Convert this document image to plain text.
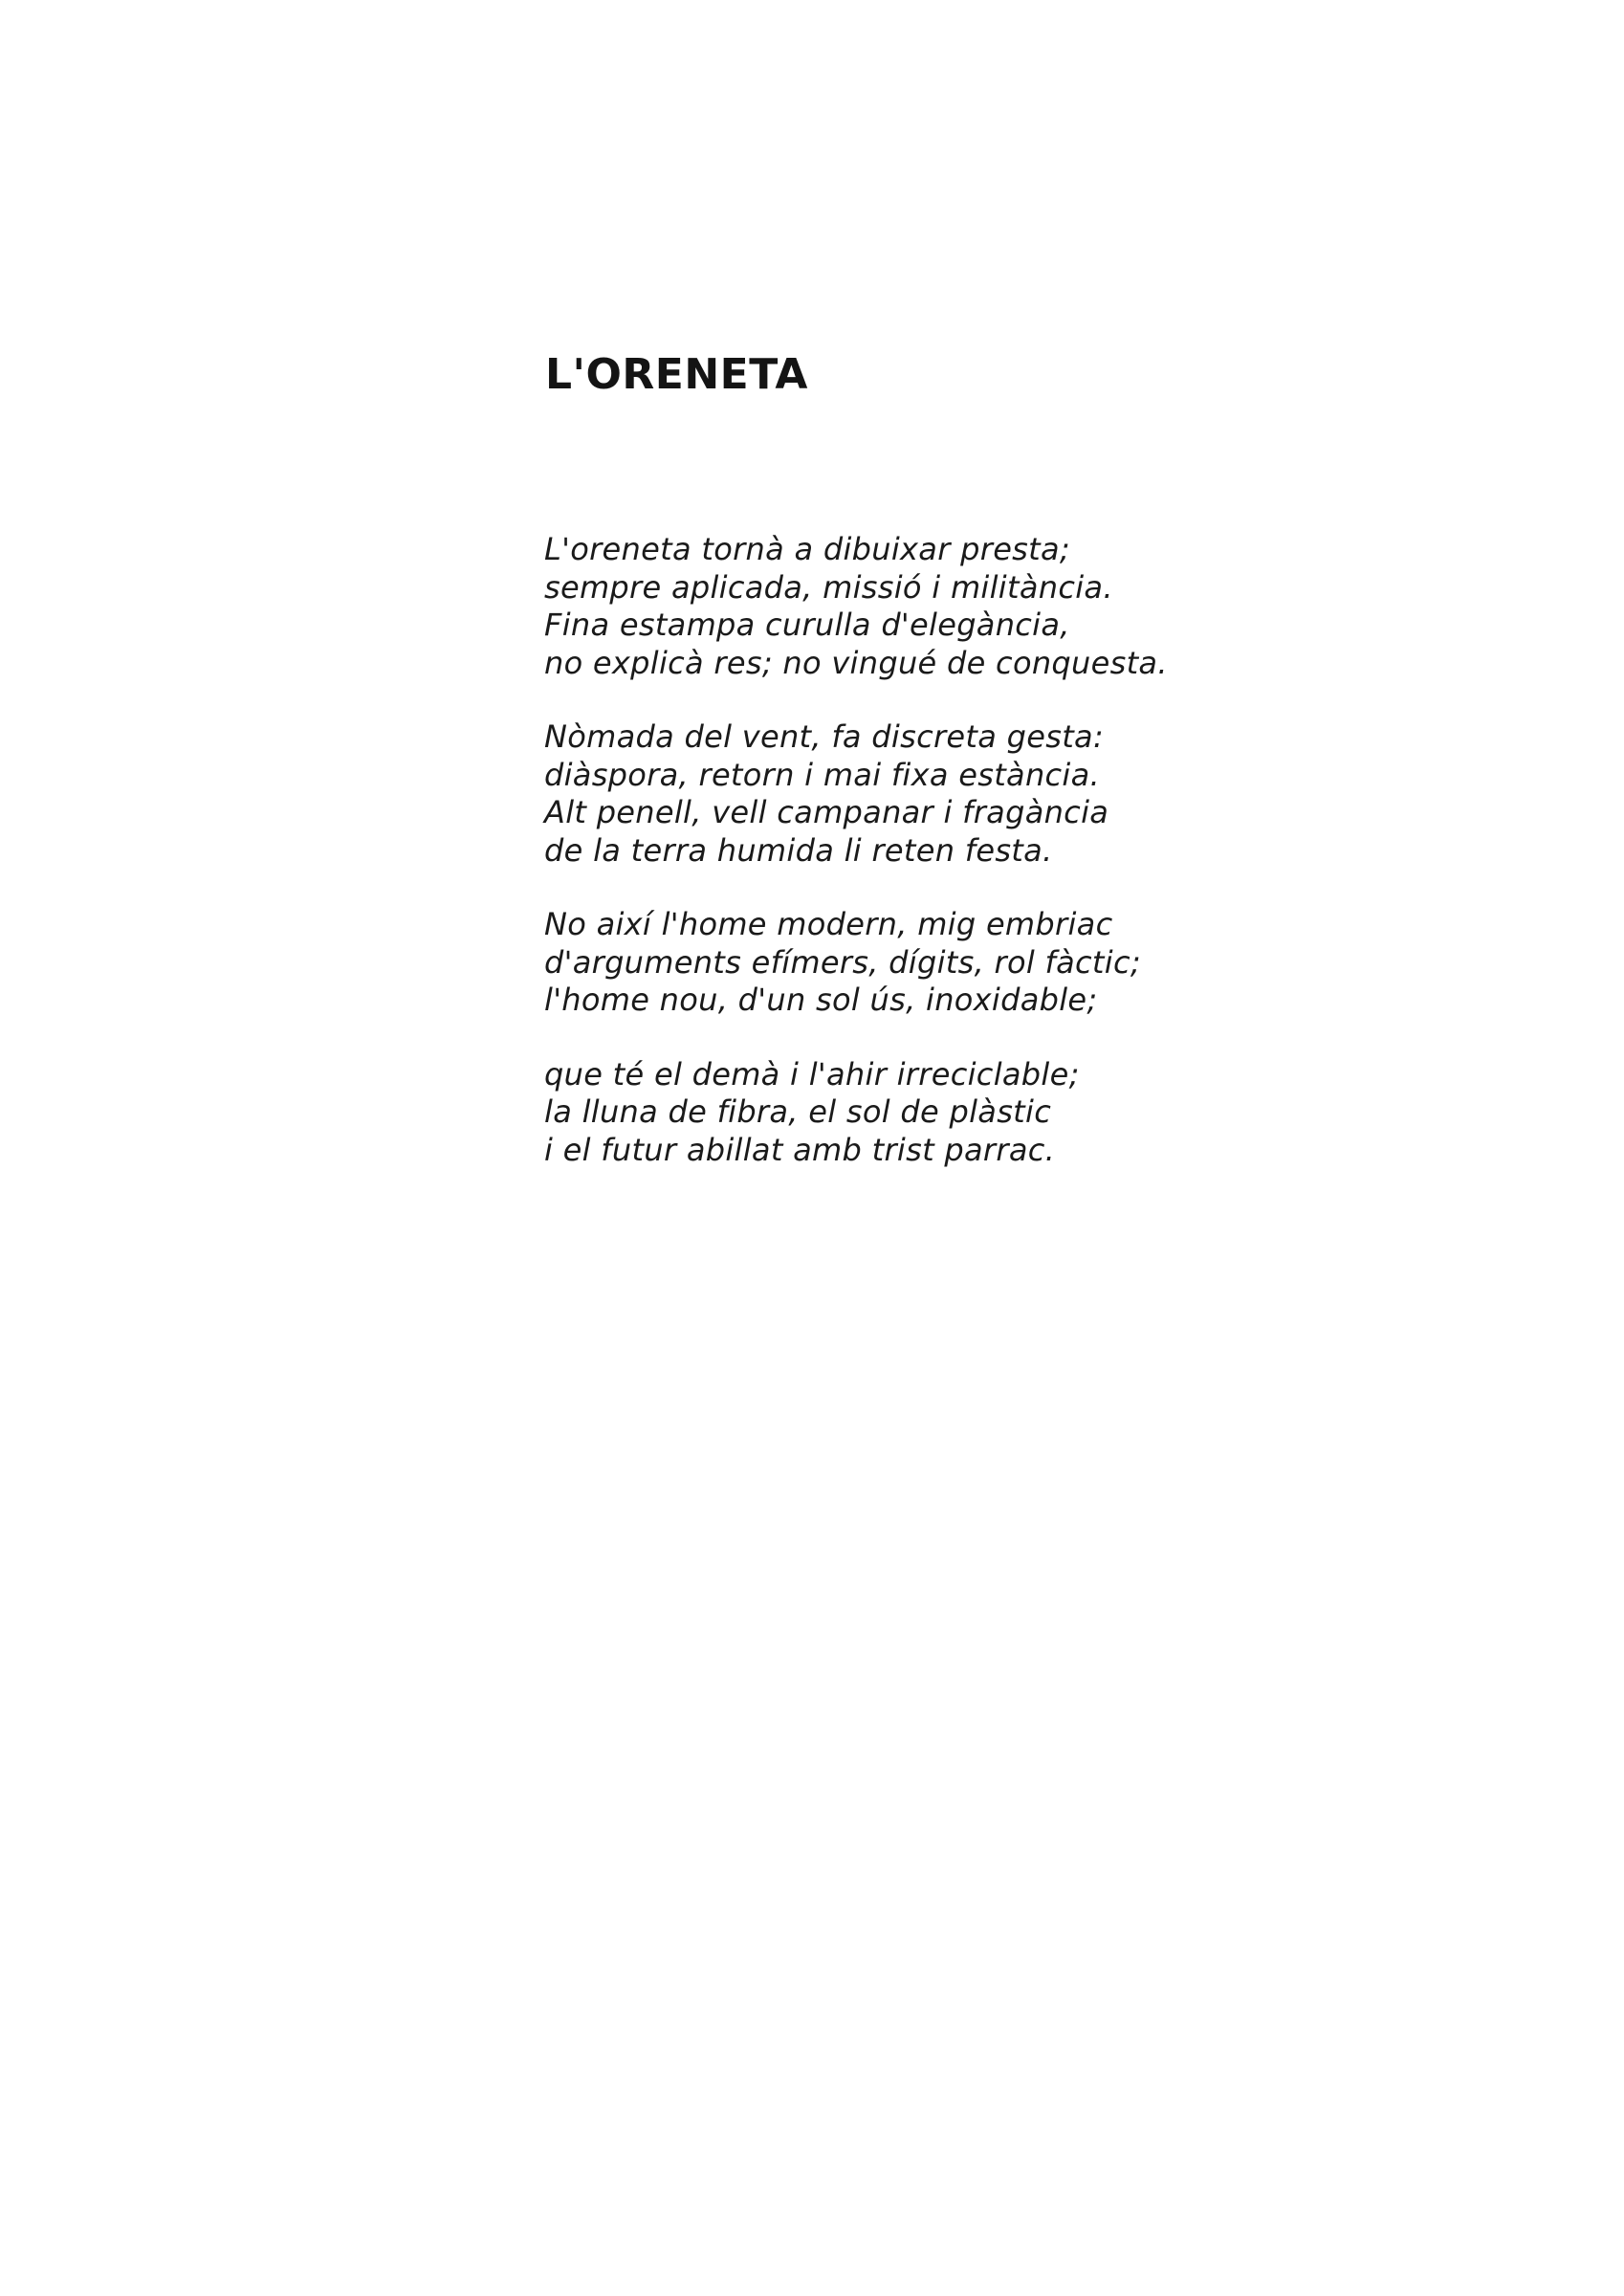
L'ORENETA
L'oreneta tornà a dibuixar presta;
sempre aplicada, missió i militància.
Fina estampa curulla d'elegància,
no explicà res; no vingué de conquesta.
Nòmada del vent, fa discreta gesta:
diàspora, retorn i mai fixa estància.
Alt penell, vell campanar i fragància
de la terra humida li reten festa.
No així l'home modern, mig embriac
d'arguments efímers, dígits, rol fàctic;
l'home nou, d'un sol ús, inoxidable;
que té el demà i l'ahir irreciclable;
la lluna de fibra, el sol de plàstic
i el futur abillat amb trist parrac.
